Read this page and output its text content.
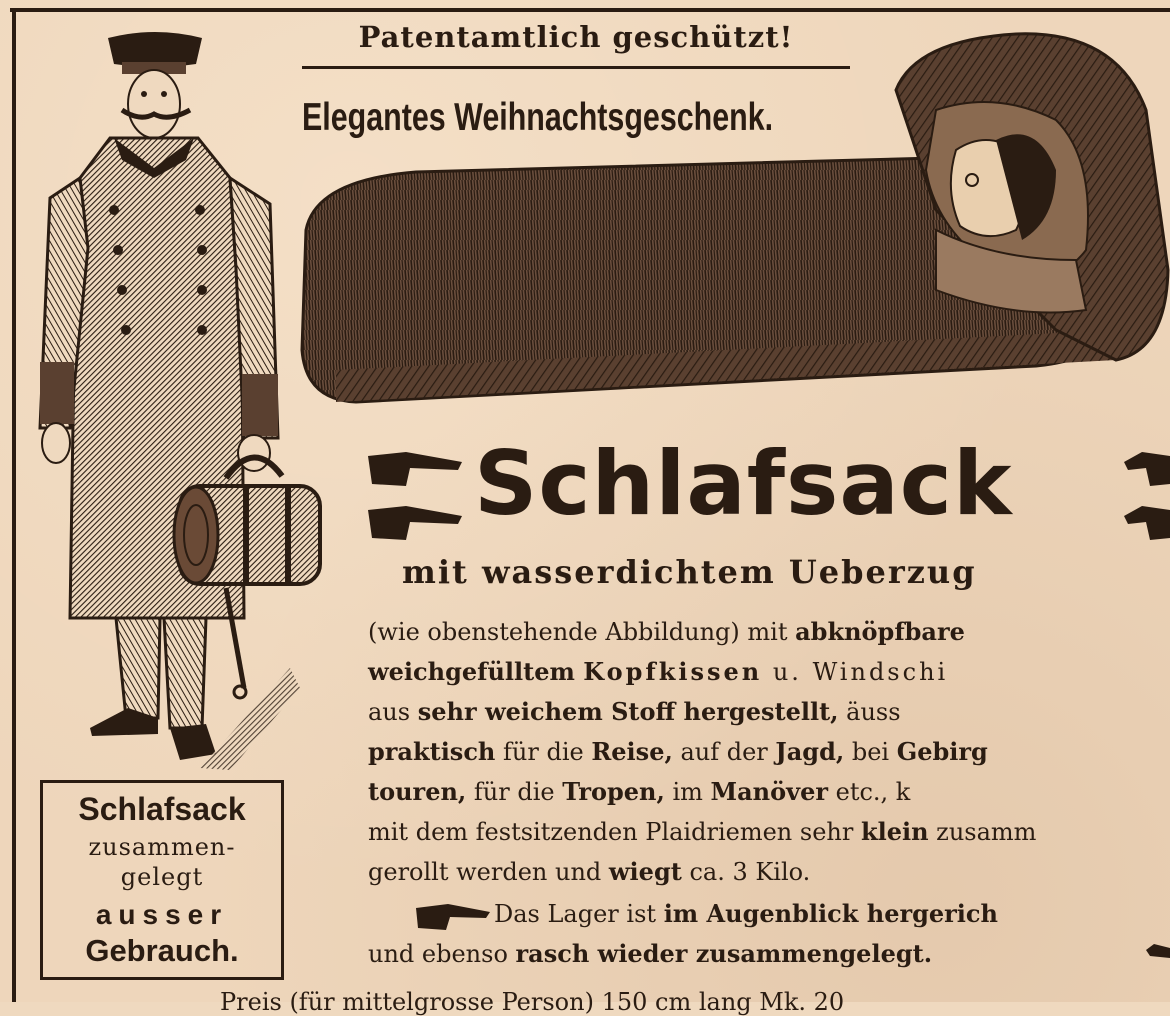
Patentamtlich geschützt!
Elegantes Weihnachtsgeschenk.
Schlafsack
mit wasserdichtem Ueberzug
(wie obenstehende Abbildung) mit abknöpfbare
weichgefülltem Kopfkissen u. Windschi
aus sehr weichem Stoff hergestellt, äuss
praktisch für die Reise, auf der Jagd, bei Gebirg
touren, für die Tropen, im Manöver etc., k
mit dem festsitzenden Plaidriemen sehr klein zusamm
gerollt werden und wiegt ca. 3 Kilo.
Das Lager ist im Augenblick hergerich
und ebenso rasch wieder zusammengelegt.
Schlafsack
zusammen-
gelegt
ausser
Gebrauch.
Preis (für mittelgrosse Person) 150 cm lang Mk. 20
